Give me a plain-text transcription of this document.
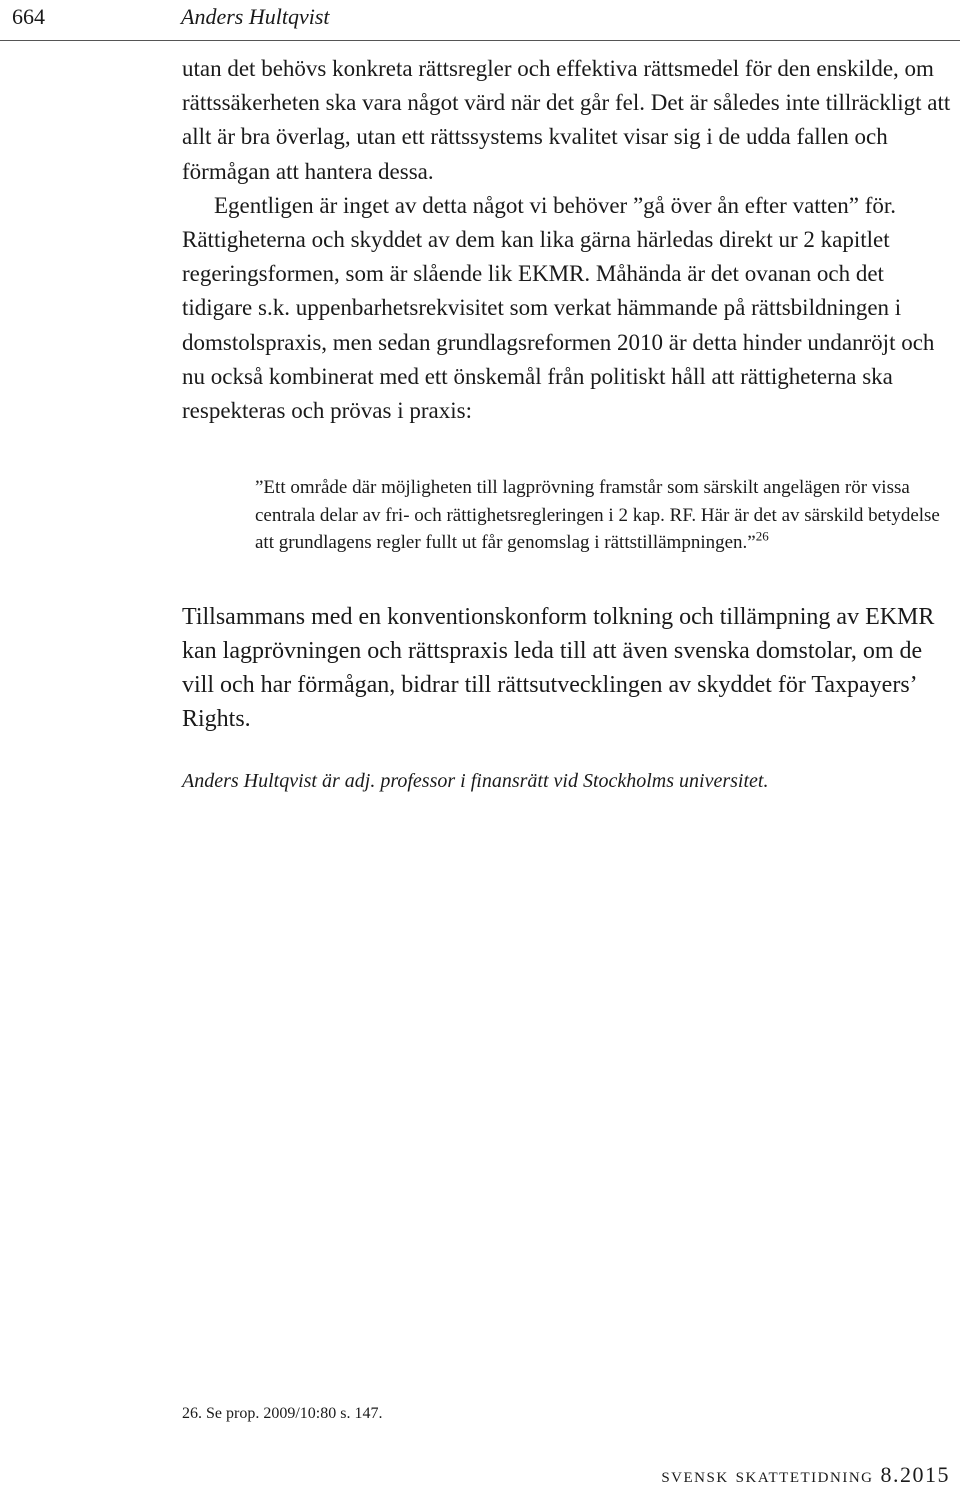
664	Anders Hultqvist

utan det behövs konkreta rättsregler och effektiva rättsmedel för den enskilde, om rättssäkerheten ska vara något värd när det går fel. Det är således inte tillräckligt att allt är bra överlag, utan ett rättssystems kvalitet visar sig i de udda fallen och förmågan att hantera dessa.

Egentligen är inget av detta något vi behöver ”gå över ån efter vatten” för. Rättigheterna och skyddet av dem kan lika gärna härledas direkt ur 2 kapitlet regeringsformen, som är slående lik EKMR. Måhända är det ovanan och det tidigare s.k. uppenbarhetsrekvisitet som verkat hämmande på rättsbildningen i domstolspraxis, men sedan grundlagsreformen 2010 är detta hinder undanröjt och nu också kombinerat med ett önskemål från politiskt håll att rättigheterna ska respekteras och prövas i praxis:

”Ett område där möjligheten till lagprövning framstår som särskilt angelägen rör vissa centrala delar av fri- och rättighetsregleringen i 2 kap. RF. Här är det av särskild betydelse att grundlagens regler fullt ut får genomslag i rättstillämpningen.”$^{26}$

Tillsammans med en konventionskonform tolkning och tillämpning av EKMR kan lagprövningen och rättspraxis leda till att även svenska domstolar, om de vill och har förmågan, bidrar till rättsutvecklingen av skyddet för Taxpayers’ Rights.

Anders Hultqvist är adj. professor i finansrätt vid Stockholms universitet.

26. Se prop. 2009/10:80 s. 147.

svensk skattetidning 8.2015
